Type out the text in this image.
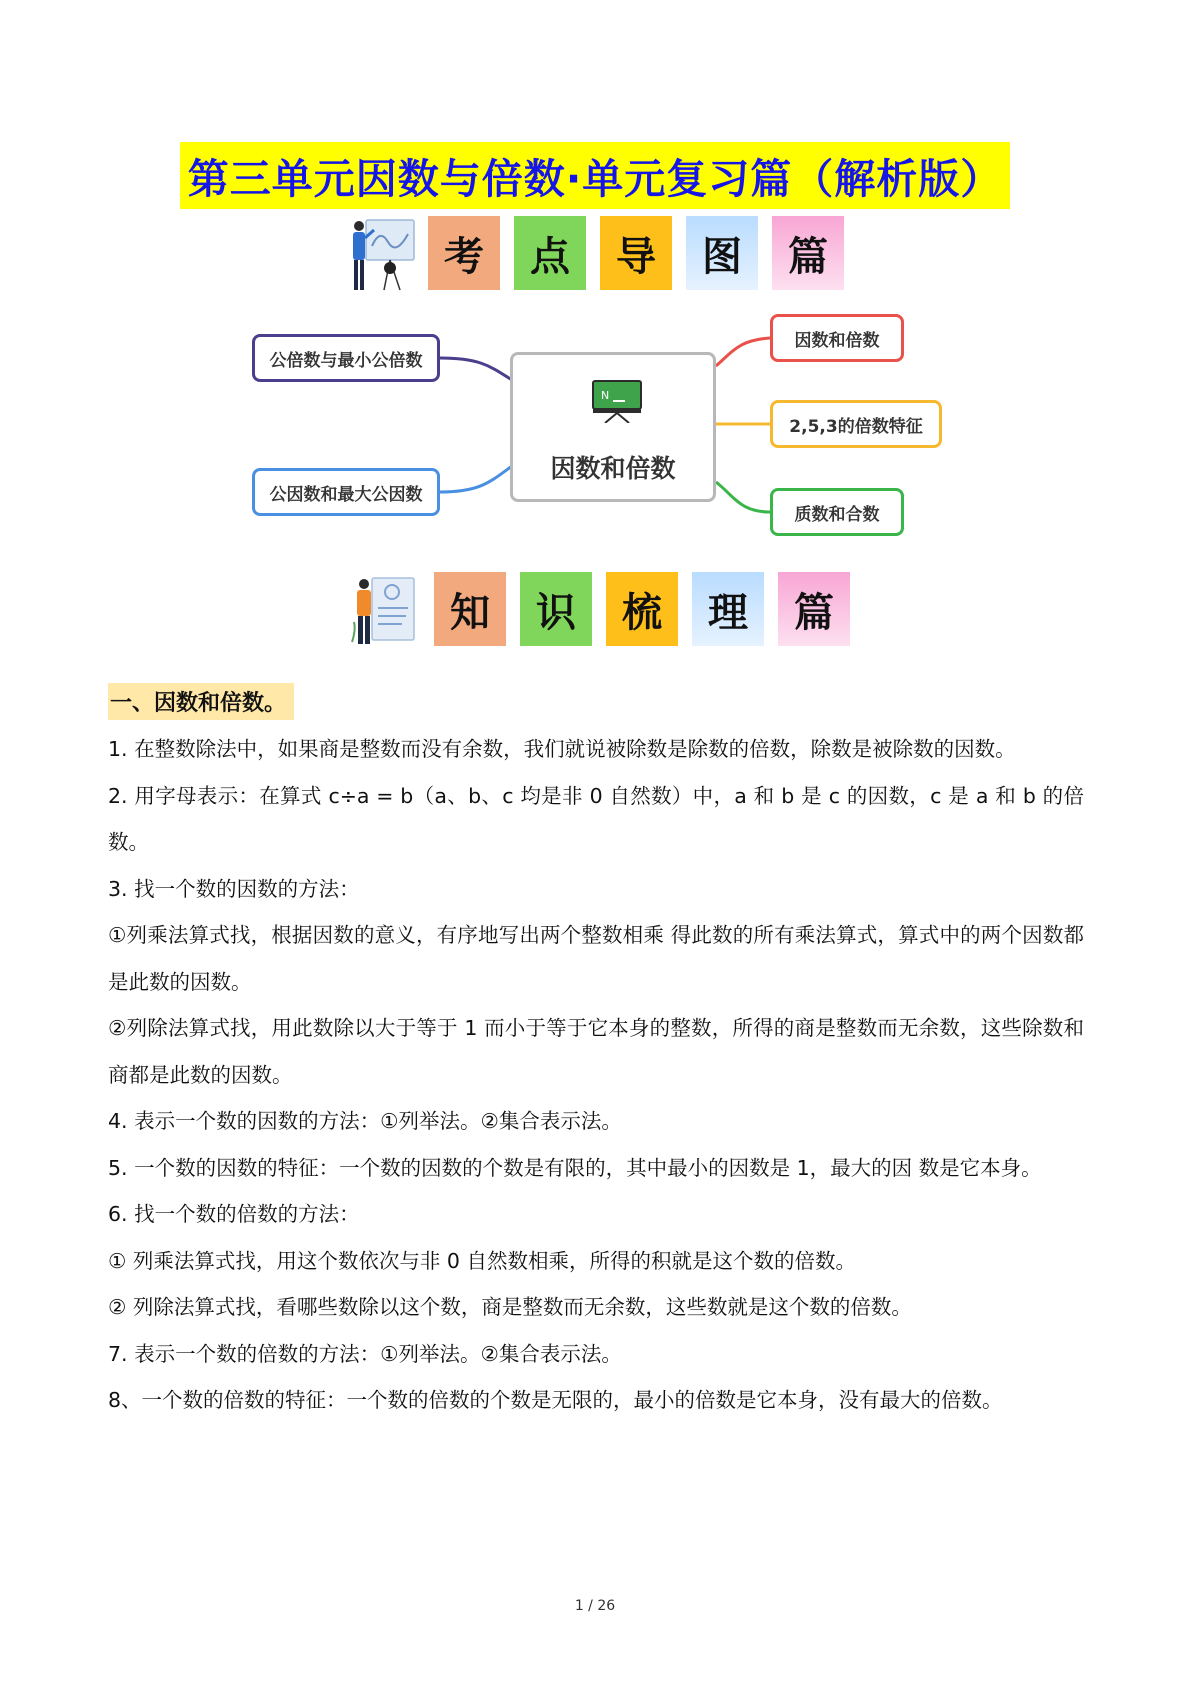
第三单元因数与倍数·单元复习篇（解析版）
考	点	导	图	篇
公倍数与最小公倍数
公因数和最大公因数
N
因数和倍数
因数和倍数
2,5,3的倍数特征
质数和合数
知	识	梳	理	篇
一、因数和倍数。

1. 在整数除法中，如果商是整数而没有余数，我们就说被除数是除数的倍数，除数是被除数的因数。

2. 用字母表示：在算式 c÷a = b（a、b、c 均是非 0 自然数）中，a 和 b 是 c 的因数，c 是 a 和 b 的倍数。

3. 找一个数的因数的方法：

①列乘法算式找，根据因数的意义，有序地写出两个整数相乘 得此数的所有乘法算式，算式中的两个因数都是此数的因数。

②列除法算式找，用此数除以大于等于 1 而小于等于它本身的整数，所得的商是整数而无余数，这些除数和商都是此数的因数。

4. 表示一个数的因数的方法：①列举法。②集合表示法。

5. 一个数的因数的特征：一个数的因数的个数是有限的，其中最小的因数是 1，最大的因 数是它本身。

6. 找一个数的倍数的方法：

① 列乘法算式找，用这个数依次与非 0 自然数相乘，所得的积就是这个数的倍数。

② 列除法算式找，看哪些数除以这个数，商是整数而无余数，这些数就是这个数的倍数。

7. 表示一个数的倍数的方法：①列举法。②集合表示法。

8、一个数的倍数的特征：一个数的倍数的个数是无限的，最小的倍数是它本身，没有最大的倍数。

1 / 26
